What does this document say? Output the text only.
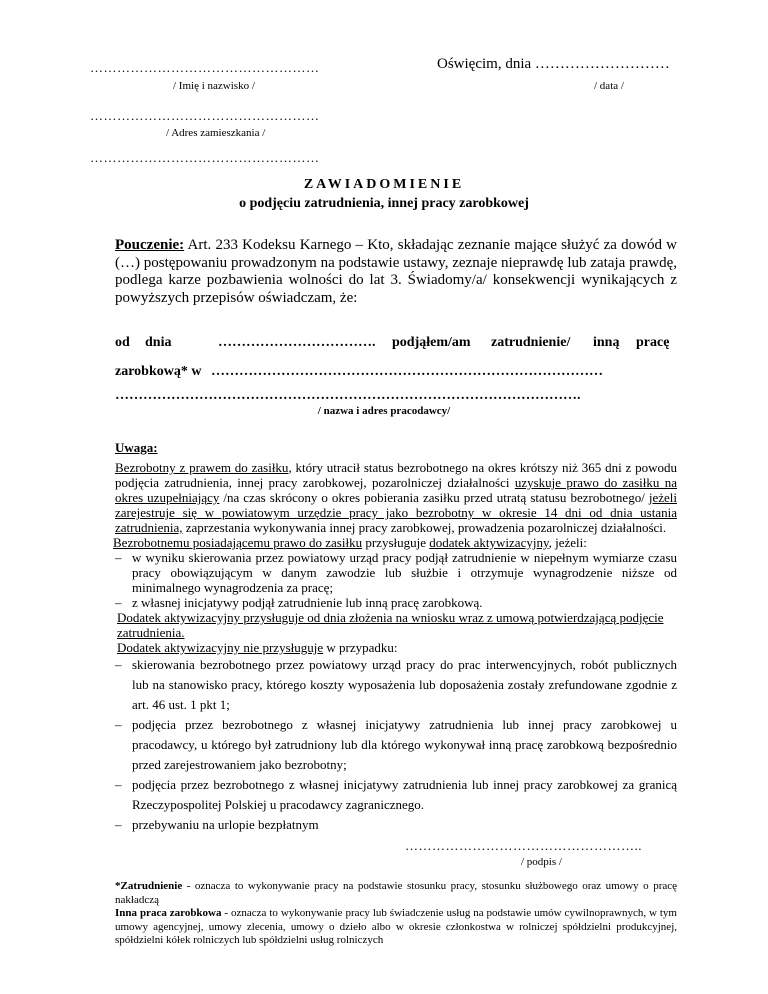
……………………………………………
/ Imię i nazwisko /
Oświęcim, dnia ………………………
/ data /
……………………………………………
/ Adres zamieszkania /
……………………………………………
ZAWIADOMIENIE
o podjęciu zatrudnienia, innej pracy zarobkowej
Pouczenie: Art. 233 Kodeksu Karnego – Kto, składając zeznanie mające służyć za dowód w (…) postępowaniu prowadzonym na podstawie ustawy, zeznaje nieprawdę lub zataja prawdę, podlega karze pozbawienia wolności do lat 3. Świadomy/a/ konsekwencji wynikających z powyższych przepisów oświadczam, że:
od dnia	……………………………. podjąłem/am zatrudnienie/ inną pracę
zarobkową* w …………………………………………………………………………
……………………………………………………………………………………….
/ nazwa i adres pracodawcy/
Uwaga:
Bezrobotny z prawem do zasiłku, który utracił status bezrobotnego na okres krótszy niż 365 dni z powodu podjęcia zatrudnienia, innej pracy zarobkowej, pozarolniczej działalności uzyskuje prawo do zasiłku na okres uzupełniający /na czas skrócony o okres pobierania zasiłku przed utratą statusu bezrobotnego/ jeżeli zarejestruje się w powiatowym urzędzie pracy jako bezrobotny w okresie 14 dni od dnia ustania zatrudnienia, zaprzestania wykonywania innej pracy zarobkowej, prowadzenia pozarolniczej działalności.
Bezrobotnemu posiadającemu prawo do zasiłku przysługuje dodatek aktywizacyjny, jeżeli:
– w wyniku skierowania przez powiatowy urząd pracy podjął zatrudnienie w niepełnym wymiarze czasu pracy obowiązującym w danym zawodzie lub służbie i otrzymuje wynagrodzenie niższe od minimalnego wynagrodzenia za pracę;
– z własnej inicjatywy podjął zatrudnienie lub inną pracę zarobkową.
Dodatek aktywizacyjny przysługuje od dnia złożenia na wniosku wraz z umową potwierdzającą podjęcie zatrudnienia.
Dodatek aktywizacyjny nie przysługuje w przypadku:
– skierowania bezrobotnego przez powiatowy urząd pracy do prac interwencyjnych, robót publicznych lub na stanowisko pracy, którego koszty wyposażenia lub doposażenia zostały zrefundowane zgodnie z art. 46 ust. 1 pkt 1;
– podjęcia przez bezrobotnego z własnej inicjatywy zatrudnienia lub innej pracy zarobkowej u pracodawcy, u którego był zatrudniony lub dla którego wykonywał inną pracę zarobkową bezpośrednio przed zarejestrowaniem jako bezrobotny;
– podjęcia przez bezrobotnego z własnej inicjatywy zatrudnienia lub innej pracy zarobkowej za granicą Rzeczypospolitej Polskiej u pracodawcy zagranicznego.
– przebywaniu na urlopie bezpłatnym
……………………………………………..
/ podpis /
*Zatrudnienie - oznacza to wykonywanie pracy na podstawie stosunku pracy, stosunku służbowego oraz umowy o pracę nakładczą
Inna praca zarobkowa - oznacza to wykonywanie pracy lub świadczenie usług na podstawie umów cywilnoprawnych, w tym umowy agencyjnej, umowy zlecenia, umowy o dzieło albo w okresie członkostwa w rolniczej spółdzielni produkcyjnej, spółdzielni kółek rolniczych lub spółdzielni usług rolniczych
